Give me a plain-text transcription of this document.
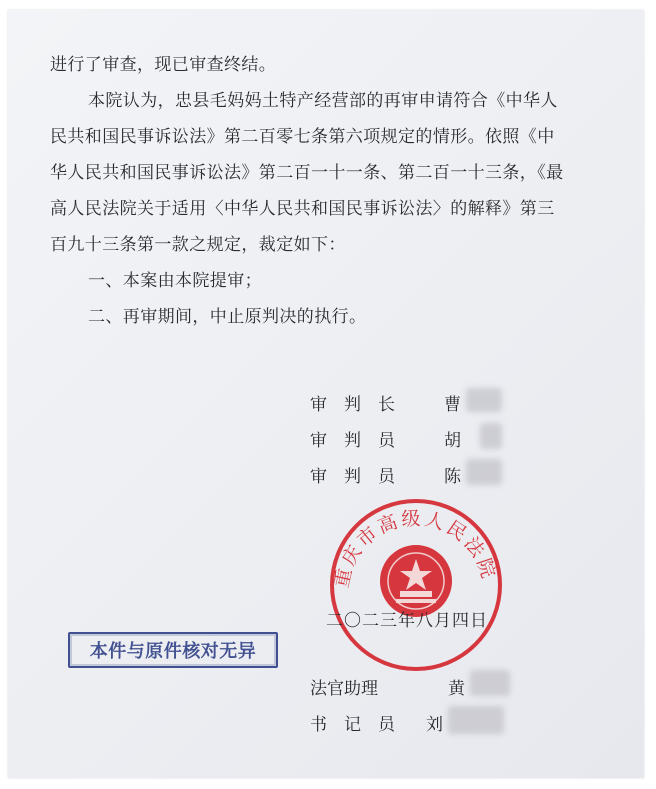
进行了审查，现已审查终结。
本院认为，忠县毛妈妈土特产经营部的再审申请符合《中华人
民共和国民事诉讼法》第二百零七条第六项规定的情形。依照《中
华人民共和国民事诉讼法》第二百一十一条、第二百一十三条，《最
高人民法院关于适用〈中华人民共和国民事诉讼法〉的解释》第三
百九十三条第一款之规定，裁定如下：
一、本案由本院提审；
二、再审期间，中止原判决的执行。
审　判　长	曹
审　判　员	胡
审　判　员	陈
重庆市高级人民法院
二〇二三年八月四日
本件与原件核对无异
法官助理	黄
书　记　员 刘
